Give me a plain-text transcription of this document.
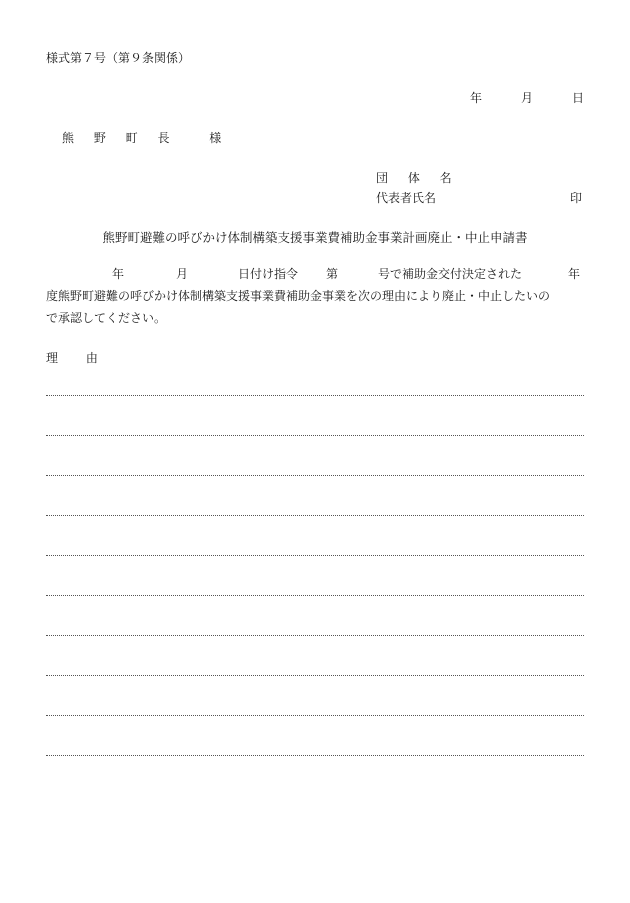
様式第７号（第９条関係）
年	月	日
熊 野 町 長 　様
団 体 名
代表者氏名	印
熊野町避難の呼びかけ体制構築支援事業費補助金事業計画廃止・中止申請書
年	月	日付け指令 第	号で補助金交付決定された	年
度熊野町避難の呼びかけ体制構築支援事業費補助金事業を次の理由により廃止・中止したいの
で承認してください。
理 由
